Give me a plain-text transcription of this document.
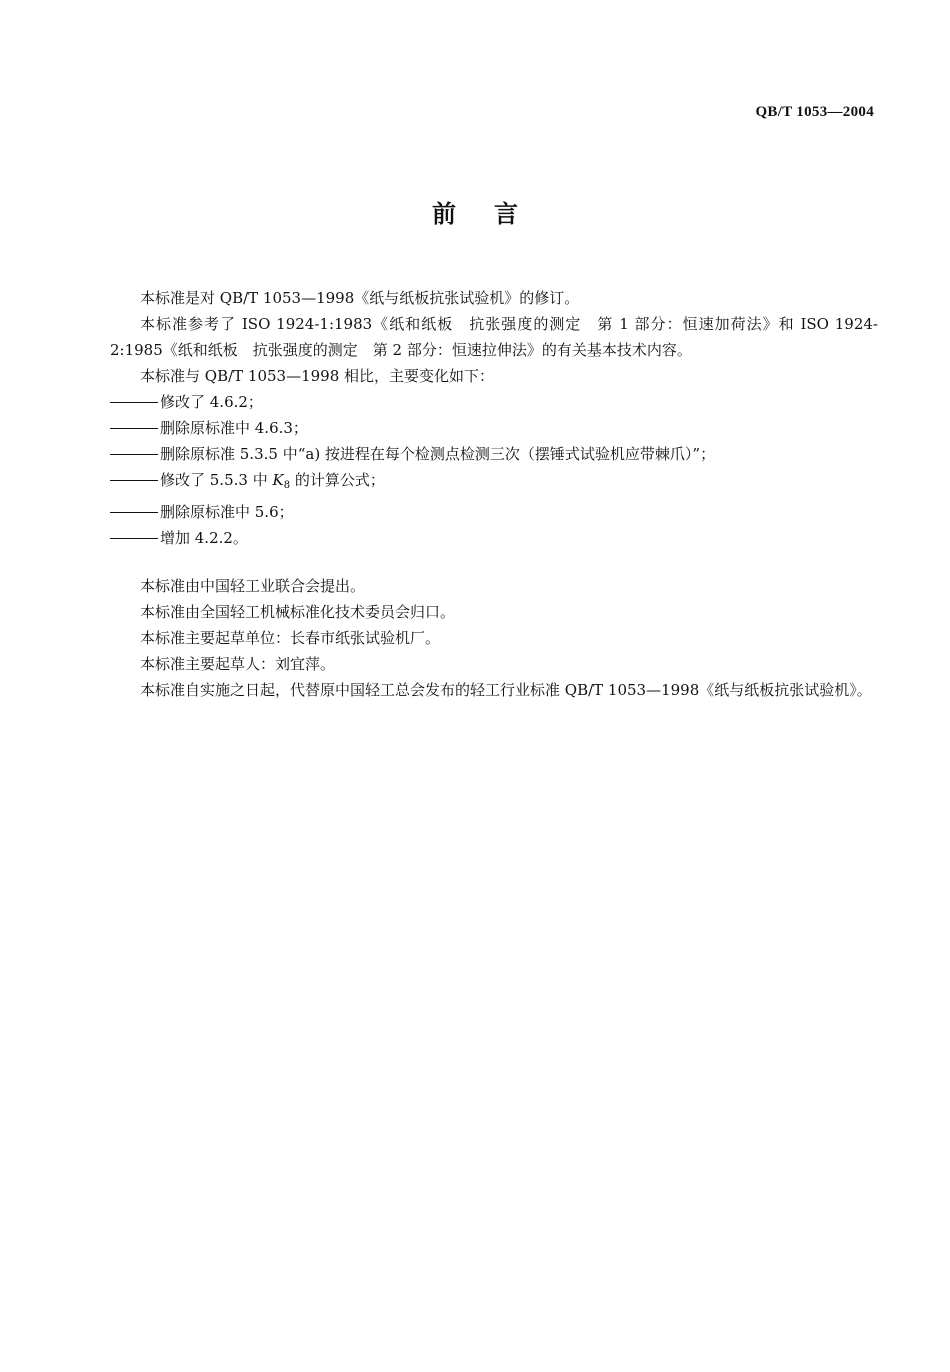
QB/T 1053—2004
前言

本标准是对 QB/T 1053—1998《纸与纸板抗张试验机》的修订。

本标准参考了 ISO 1924-1:1983《纸和纸板　抗张强度的测定　第 1 部分：恒速加荷法》和 ISO 1924-2:1985《纸和纸板　抗张强度的测定　第 2 部分：恒速拉伸法》的有关基本技术内容。

本标准与 QB/T 1053—1998 相比，主要变化如下：

修改了 4.6.2；

删除原标准中 4.6.3；

删除原标准 5.3.5 中“a) 按进程在每个检测点检测三次（摆锤式试验机应带棘爪）”；

修改了 5.5.3 中 $K_8$ 的计算公式；

删除原标准中 5.6；

增加 4.2.2。

本标准由中国轻工业联合会提出。

本标准由全国轻工机械标准化技术委员会归口。

本标准主要起草单位：长春市纸张试验机厂。

本标准主要起草人：刘宜萍。

本标准自实施之日起，代替原中国轻工总会发布的轻工行业标准 QB/T 1053—1998《纸与纸板抗张试验机》。
